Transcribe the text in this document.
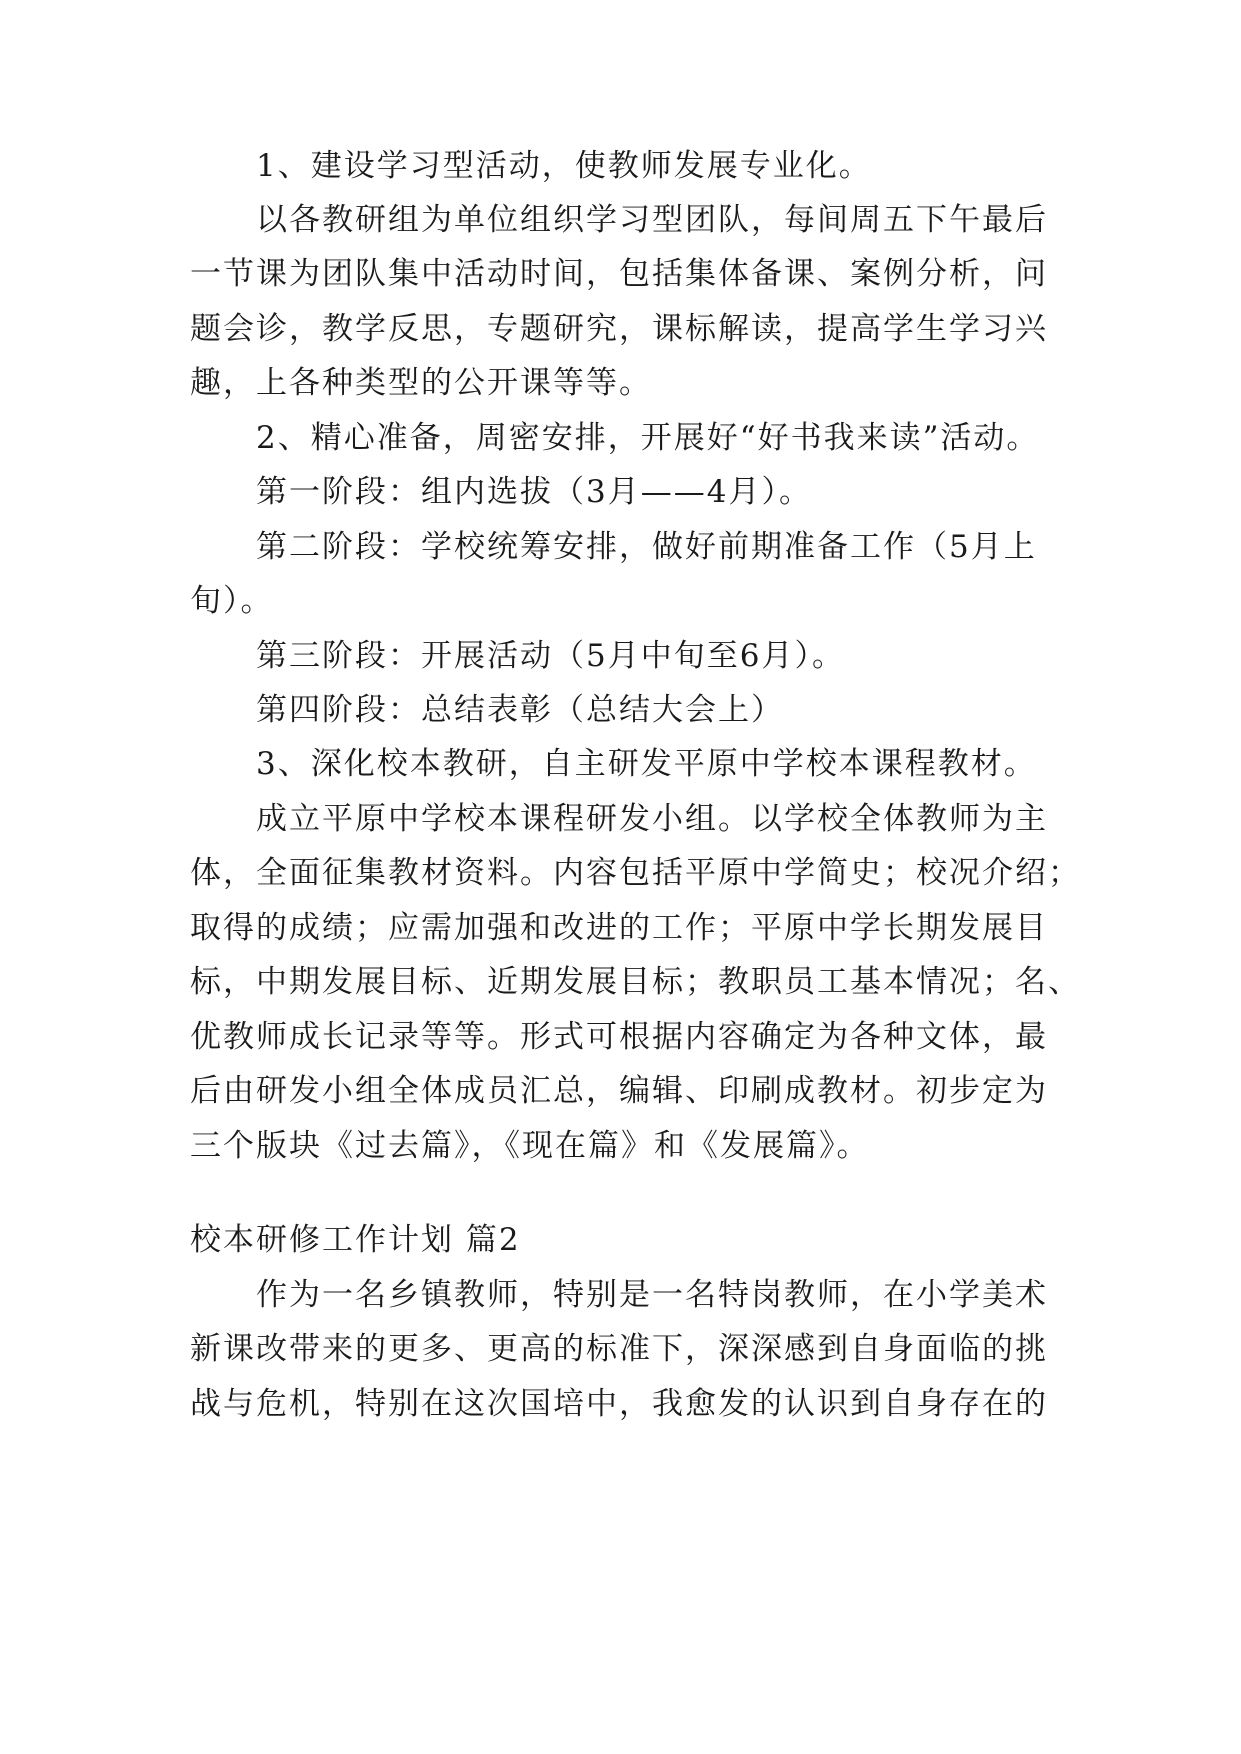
1、建设学习型活动，使教师发展专业化。
以各教研组为单位组织学习型团队，每间周五下午最后
一节课为团队集中活动时间，包括集体备课、案例分析，问
题会诊，教学反思，专题研究，课标解读，提高学生学习兴
趣，上各种类型的公开课等等。
2、精心准备，周密安排，开展好“好书我来读”活动。
第一阶段：组内选拔（3月——4月）。
第二阶段：学校统筹安排，做好前期准备工作（5月上
旬）。
第三阶段：开展活动（5月中旬至6月）。
第四阶段：总结表彰（总结大会上）
3、深化校本教研，自主研发平原中学校本课程教材。
成立平原中学校本课程研发小组。以学校全体教师为主
体，全面征集教材资料。内容包括平原中学简史；校况介绍；
取得的成绩；应需加强和改进的工作；平原中学长期发展目
标，中期发展目标、近期发展目标；教职员工基本情况；名、
优教师成长记录等等。形式可根据内容确定为各种文体，最
后由研发小组全体成员汇总，编辑、印刷成教材。初步定为
三个版块《过去篇》，《现在篇》和《发展篇》。
校本研修工作计划 篇2
作为一名乡镇教师，特别是一名特岗教师，在小学美术
新课改带来的更多、更高的标准下，深深感到自身面临的挑
战与危机，特别在这次国培中，我愈发的认识到自身存在的
